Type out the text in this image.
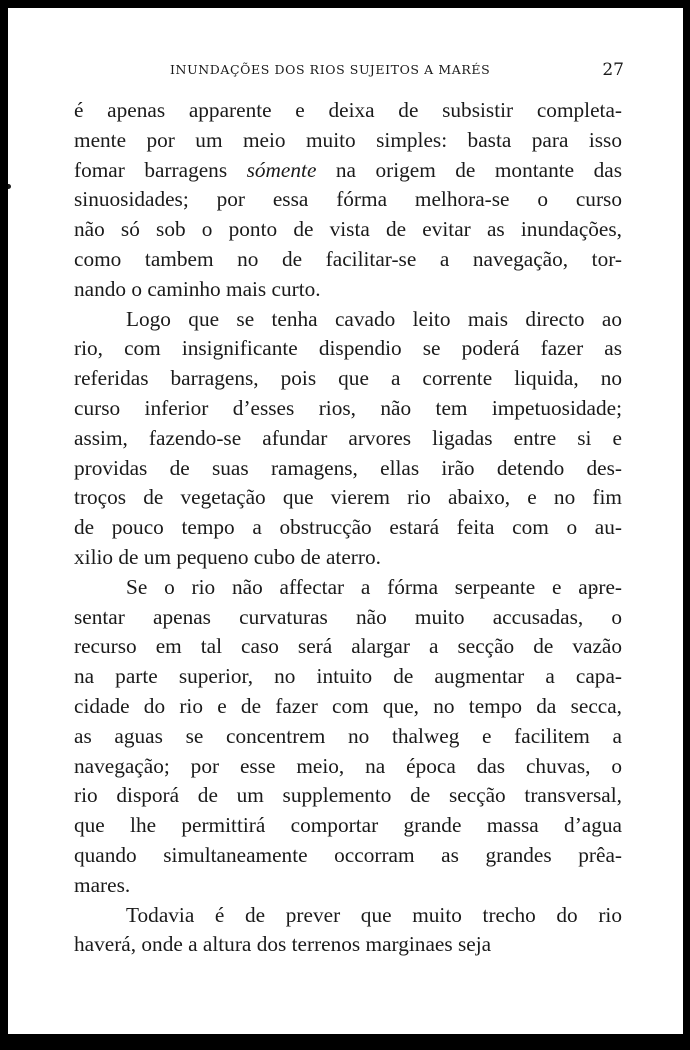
INUNDAÇÕES DOS RIOS SUJEITOS A MARÉS	27
é apenas apparente e deixa de subsistir completa-
mente por um meio muito simples: basta para isso
fomar barragens sómente na origem de montante das
sinuosidades; por essa fórma melhora-se o curso
não só sob o ponto de vista de evitar as inundações,
como tambem no de facilitar-se a navegação, tor-
nando o caminho mais curto.
Logo que se tenha cavado leito mais directo ao
rio, com insignificante dispendio se poderá fazer as
referidas barragens, pois que a corrente liquida, no
curso inferior d’esses rios, não tem impetuosidade;
assim, fazendo-se afundar arvores ligadas entre si e
providas de suas ramagens, ellas irão detendo des-
troços de vegetação que vierem rio abaixo, e no fim
de pouco tempo a obstrucção estará feita com o au-
xilio de um pequeno cubo de aterro.
Se o rio não affectar a fórma serpeante e apre-
sentar apenas curvaturas não muito accusadas, o
recurso em tal caso será alargar a secção de vazão
na parte superior, no intuito de augmentar a capa-
cidade do rio e de fazer com que, no tempo da secca,
as aguas se concentrem no thalweg e facilitem a
navegação; por esse meio, na época das chuvas, o
rio disporá de um supplemento de secção transversal,
que lhe permittirá comportar grande massa d’agua
quando simultaneamente occorram as grandes prêa-
mares.
Todavia é de prever que muito trecho do rio
haverá, onde a altura dos terrenos marginaes seja
